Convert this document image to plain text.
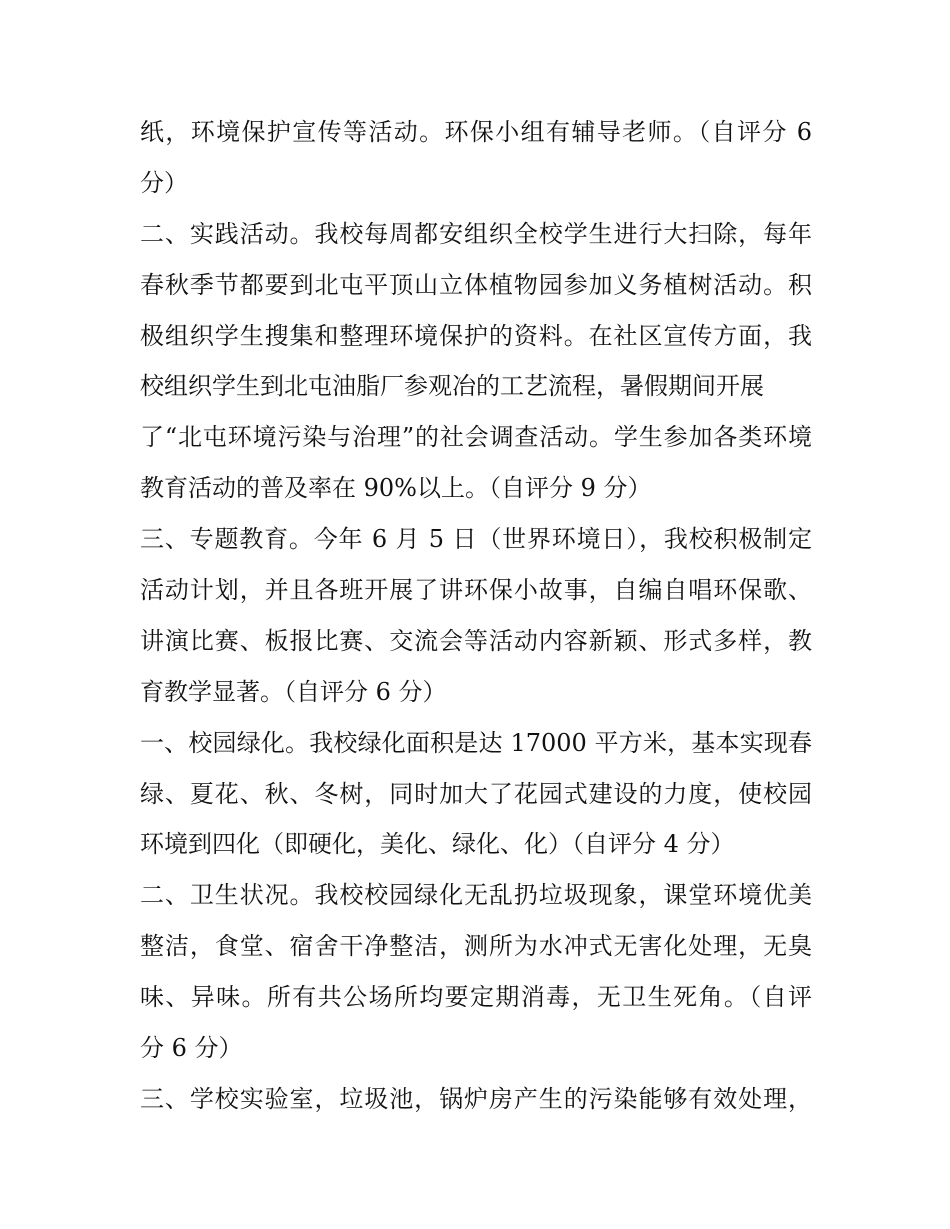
纸，环境保护宣传等活动。环保小组有辅导老师。（自评分 6
分）
二、实践活动。我校每周都安组织全校学生进行大扫除，每年
春秋季节都要到北屯平顶山立体植物园参加义务植树活动。积
极组织学生搜集和整理环境保护的资料。在社区宣传方面，我
校组织学生到北屯油脂厂参观冶的工艺流程，暑假期间开展
了“北屯环境污染与治理”的社会调查活动。学生参加各类环境
教育活动的普及率在 90%以上。（自评分 9 分）
三、专题教育。今年 6 月 5 日（世界环境日），我校积极制定
活动计划，并且各班开展了讲环保小故事，自编自唱环保歌、
讲演比赛、板报比赛、交流会等活动内容新颖、形式多样，教
育教学显著。（自评分 6 分）
一、校园绿化。我校绿化面积是达 17000 平方米，基本实现春
绿、夏花、秋、冬树，同时加大了花园式建设的力度，使校园
环境到四化（即硬化，美化、绿化、化）（自评分 4 分）
二、卫生状况。我校校园绿化无乱扔垃圾现象，课堂环境优美
整洁，食堂、宿舍干净整洁，测所为水冲式无害化处理，无臭
味、异味。所有共公场所均要定期消毒，无卫生死角。（自评
分 6 分）
三、学校实验室，垃圾池，锅炉房产生的污染能够有效处理，
